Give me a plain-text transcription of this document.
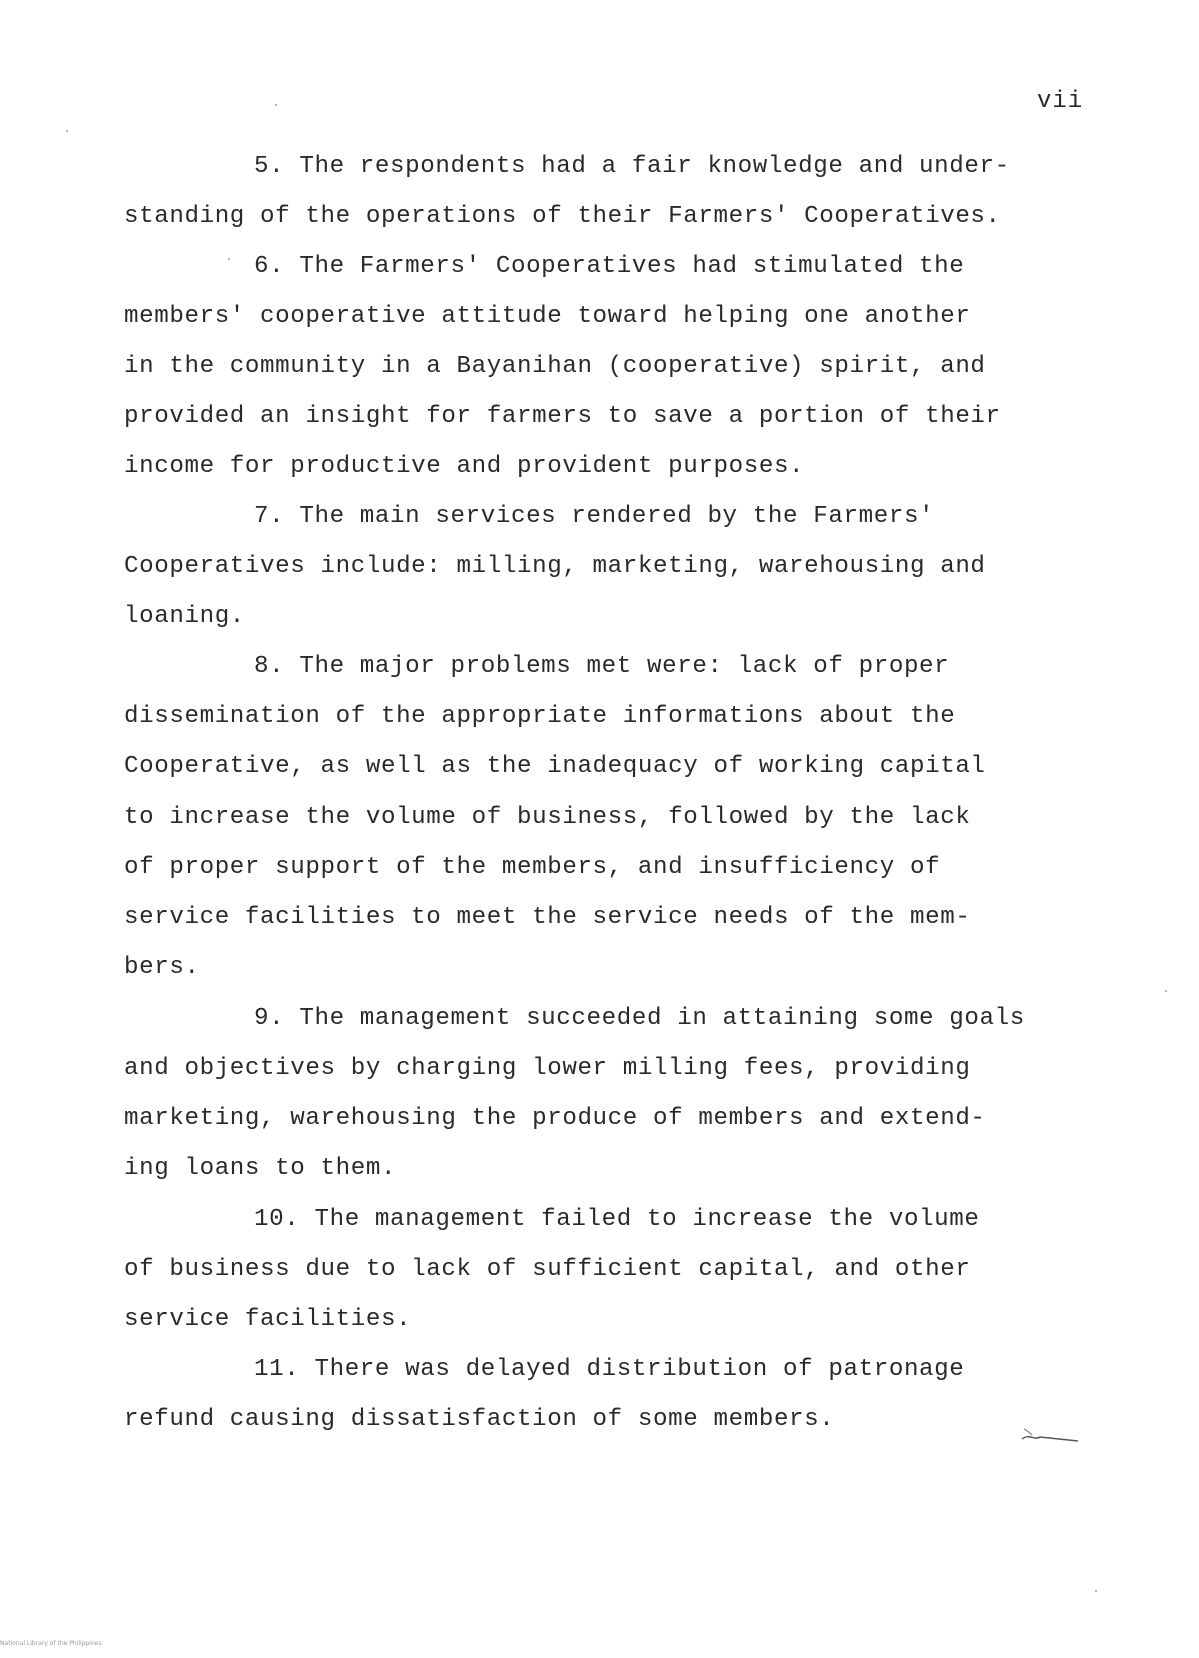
vii
5. The respondents had a fair knowledge and under-
standing of the operations of their Farmers' Cooperatives.
6. The Farmers' Cooperatives had stimulated the
members' cooperative attitude toward helping one another
in the community in a Bayanihan (cooperative) spirit, and
provided an insight for farmers to save a portion of their
income for productive and provident purposes.
7. The main services rendered by the Farmers'
Cooperatives include: milling, marketing, warehousing and
loaning.
8. The major problems met were: lack of proper
dissemination of the appropriate informations about the
Cooperative, as well as the inadequacy of working capital
to increase the volume of business, followed by the lack
of proper support of the members, and insufficiency of
service facilities to meet the service needs of the mem-
bers.
9. The management succeeded in attaining some goals
and objectives by charging lower milling fees, providing
marketing, warehousing the produce of members and extend-
ing loans to them.
10. The management failed to increase the volume
of business due to lack of sufficient capital, and other
service facilities.
11. There was delayed distribution of patronage
refund causing dissatisfaction of some members.
National Library of the Philippines
